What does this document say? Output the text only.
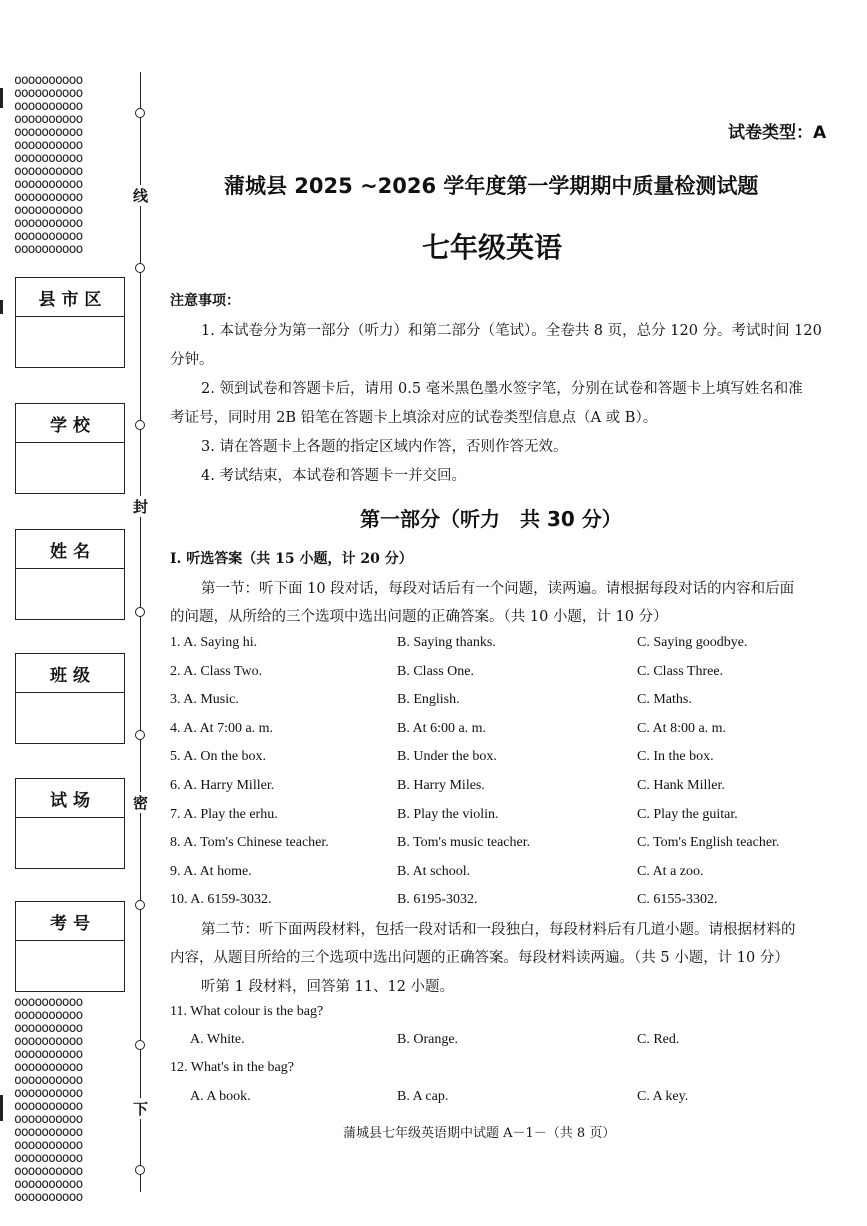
oooooooooo
oooooooooo
oooooooooo
oooooooooo
oooooooooo
oooooooooo
oooooooooo
oooooooooo
oooooooooo
oooooooooo
oooooooooo
oooooooooo
oooooooooo
oooooooooo
oooooooooo
oooooooooo
oooooooooo
oooooooooo
oooooooooo
oooooooooo
oooooooooo
oooooooooo
oooooooooo
oooooooooo
oooooooooo
oooooooooo
oooooooooo
oooooooooo
oooooooooo
oooooooooo
线
封
密
下
县 市 区
学 校
姓 名
班 级
试 场
考 号
试卷类型：A
蒲城县 2025 ~2026 学年度第一学期期中质量检测试题
七年级英语
注意事项：
1. 本试卷分为第一部分（听力）和第二部分（笔试）。全卷共 8 页，总分 120 分。考试时间 120
分钟。
2. 领到试卷和答题卡后，请用 0.5 毫米黑色墨水签字笔，分别在试卷和答题卡上填写姓名和准
考证号，同时用 2B 铅笔在答题卡上填涂对应的试卷类型信息点（A 或 B）。
3. 请在答题卡上各题的指定区域内作答，否则作答无效。
4. 考试结束，本试卷和答题卡一并交回。
第一部分（听力　共 30 分）
Ⅰ. 听选答案（共 15 小题，计 20 分）
第一节：听下面 10 段对话，每段对话后有一个问题，读两遍。请根据每段对话的内容和后面
的问题，从所给的三个选项中选出问题的正确答案。（共 10 小题，计 10 分）
1. A. Saying hi.	B. Saying thanks.	C. Saying goodbye.
2. A. Class Two.	B. Class One.	C. Class Three.
3. A. Music.	B. English.	C. Maths.
4. A. At 7:00 a. m.	B. At 6:00 a. m.	C. At 8:00 a. m.
5. A. On the box.	B. Under the box.	C. In the box.
6. A. Harry Miller.	B. Harry Miles.	C. Hank Miller.
7. A. Play the erhu.	B. Play the violin.	C. Play the guitar.
8. A. Tom's Chinese teacher.	B. Tom's music teacher.	C. Tom's English teacher.
9. A. At home.	B. At school.	C. At a zoo.
10. A. 6159-3032.	B. 6195-3032.	C. 6155-3302.
第二节：听下面两段材料，包括一段对话和一段独白，每段材料后有几道小题。请根据材料的
内容，从题目所给的三个选项中选出问题的正确答案。每段材料读两遍。（共 5 小题，计 10 分）
听第 1 段材料，回答第 11、12 小题。
11. What colour is the bag?
A. White.	B. Orange.	C. Red.
12. What's in the bag?
A. A book.	B. A cap.	C. A key.
蒲城县七年级英语期中试题 A－1－（共 8 页）
